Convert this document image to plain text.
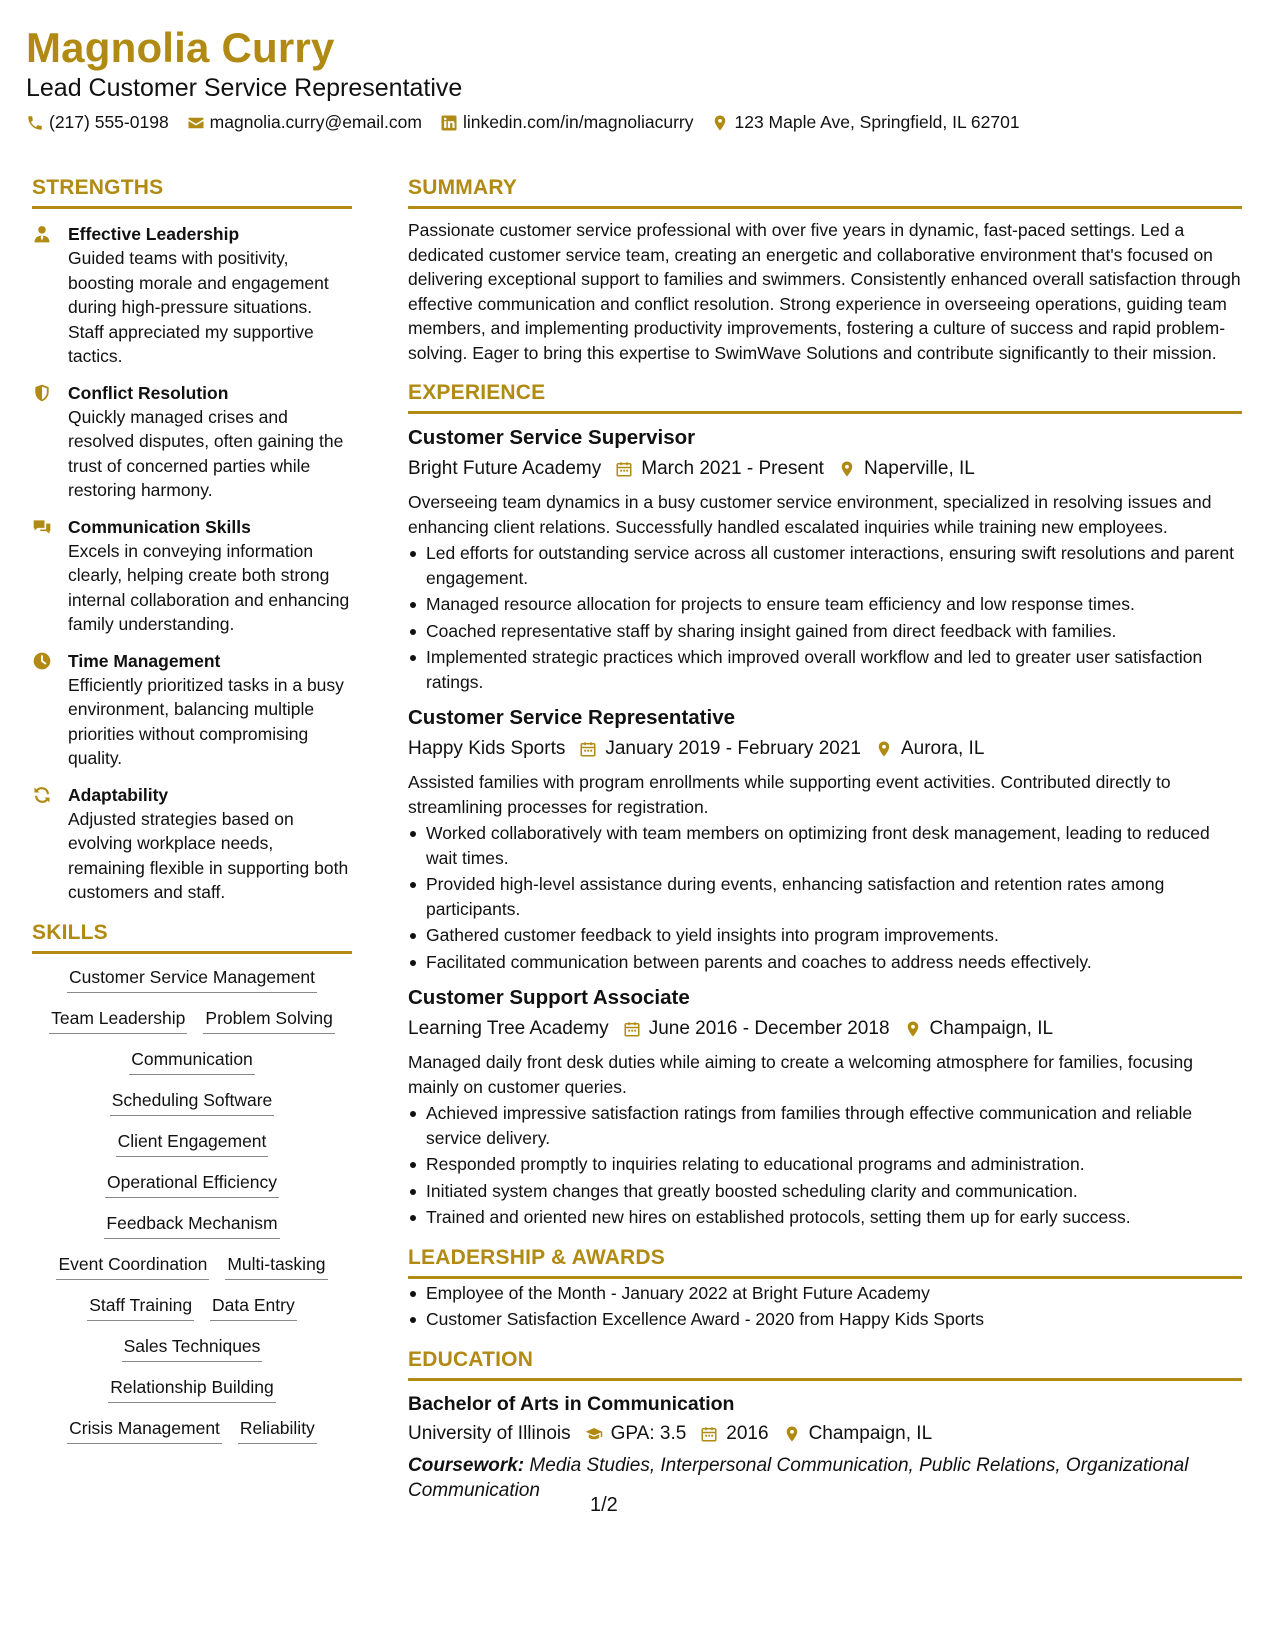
Magnolia Curry
Lead Customer Service Representative
(217) 555-0198 magnolia.curry@email.com linkedin.com/in/magnoliacurry 123 Maple Ave, Springfield, IL 62701
STRENGTHS
Effective Leadership
Guided teams with positivity, boosting morale and engagement during high-pressure situations. Staff appreciated my supportive tactics.
Conflict Resolution
Quickly managed crises and resolved disputes, often gaining the trust of concerned parties while restoring harmony.
Communication Skills
Excels in conveying information clearly, helping create both strong internal collaboration and enhancing family understanding.
Time Management
Efficiently prioritized tasks in a busy environment, balancing multiple priorities without compromising quality.
Adaptability
Adjusted strategies based on evolving workplace needs, remaining flexible in supporting both customers and staff.
SKILLS
Customer Service Management
Team Leadership Problem Solving
Communication
Scheduling Software
Client Engagement
Operational Efficiency
Feedback Mechanism
Event Coordination Multi-tasking
Staff Training Data Entry
Sales Techniques
Relationship Building
Crisis Management Reliability
SUMMARY
Passionate customer service professional with over five years in dynamic, fast-paced settings. Led a dedicated customer service team, creating an energetic and collaborative environment that's focused on delivering exceptional support to families and swimmers. Consistently enhanced overall satisfaction through effective communication and conflict resolution. Strong experience in overseeing operations, guiding team members, and implementing productivity improvements, fostering a culture of success and rapid problem-solving. Eager to bring this expertise to SwimWave Solutions and contribute significantly to their mission.
EXPERIENCE
Customer Service Supervisor
Bright Future Academy March 2021 - Present Naperville, IL
Overseeing team dynamics in a busy customer service environment, specialized in resolving issues and enhancing client relations. Successfully handled escalated inquiries while training new employees.
Led efforts for outstanding service across all customer interactions, ensuring swift resolutions and parent engagement.
Managed resource allocation for projects to ensure team efficiency and low response times.
Coached representative staff by sharing insight gained from direct feedback with families.
Implemented strategic practices which improved overall workflow and led to greater user satisfaction ratings.
Customer Service Representative
Happy Kids Sports January 2019 - February 2021 Aurora, IL
Assisted families with program enrollments while supporting event activities. Contributed directly to streamlining processes for registration.
Worked collaboratively with team members on optimizing front desk management, leading to reduced wait times.
Provided high-level assistance during events, enhancing satisfaction and retention rates among participants.
Gathered customer feedback to yield insights into program improvements.
Facilitated communication between parents and coaches to address needs effectively.
Customer Support Associate
Learning Tree Academy June 2016 - December 2018 Champaign, IL
Managed daily front desk duties while aiming to create a welcoming atmosphere for families, focusing mainly on customer queries.
Achieved impressive satisfaction ratings from families through effective communication and reliable service delivery.
Responded promptly to inquiries relating to educational programs and administration.
Initiated system changes that greatly boosted scheduling clarity and communication.
Trained and oriented new hires on established protocols, setting them up for early success.
LEADERSHIP & AWARDS
Employee of the Month - January 2022 at Bright Future Academy
Customer Satisfaction Excellence Award - 2020 from Happy Kids Sports
EDUCATION
Bachelor of Arts in Communication
University of Illinois GPA: 3.5 2016 Champaign, IL
Coursework: Media Studies, Interpersonal Communication, Public Relations, Organizational Communication
1/2
